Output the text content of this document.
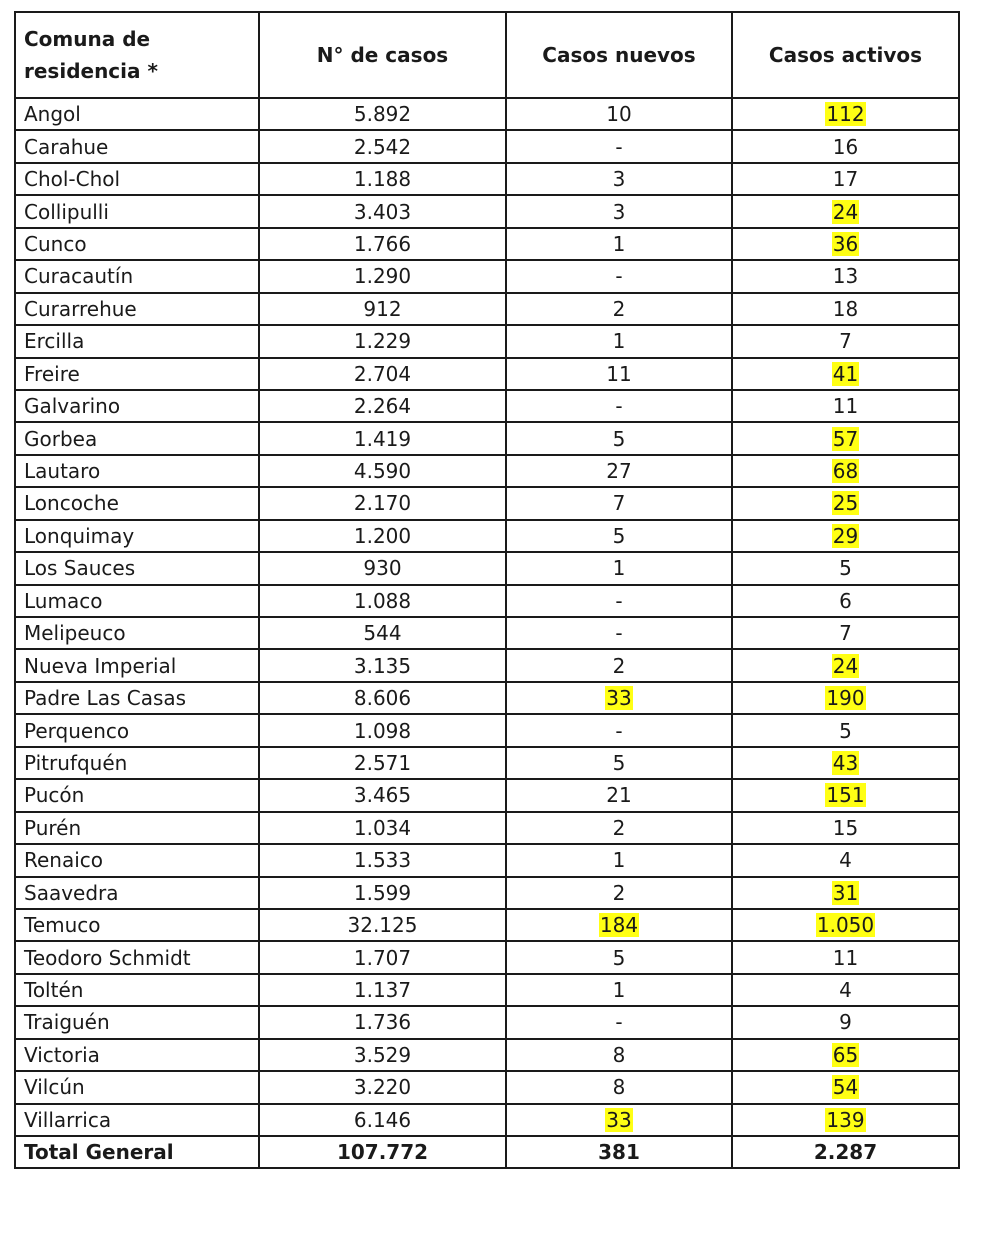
Comuna de residencia *	N° de casos	Casos nuevos	Casos activos
Angol	5.892	10	112
Carahue	2.542	-	16
Chol-Chol	1.188	3	17
Collipulli	3.403	3	24
Cunco	1.766	1	36
Curacautín	1.290	-	13
Curarrehue	912	2	18
Ercilla	1.229	1	7
Freire	2.704	11	41
Galvarino	2.264	-	11
Gorbea	1.419	5	57
Lautaro	4.590	27	68
Loncoche	2.170	7	25
Lonquimay	1.200	5	29
Los Sauces	930	1	5
Lumaco	1.088	-	6
Melipeuco	544	-	7
Nueva Imperial	3.135	2	24
Padre Las Casas	8.606	33	190
Perquenco	1.098	-	5
Pitrufquén	2.571	5	43
Pucón	3.465	21	151
Purén	1.034	2	15
Renaico	1.533	1	4
Saavedra	1.599	2	31
Temuco	32.125	184	1.050
Teodoro Schmidt	1.707	5	11
Toltén	1.137	1	4
Traiguén	1.736	-	9
Victoria	3.529	8	65
Vilcún	3.220	8	54
Villarrica	6.146	33	139
Total General	107.772	381	2.287
